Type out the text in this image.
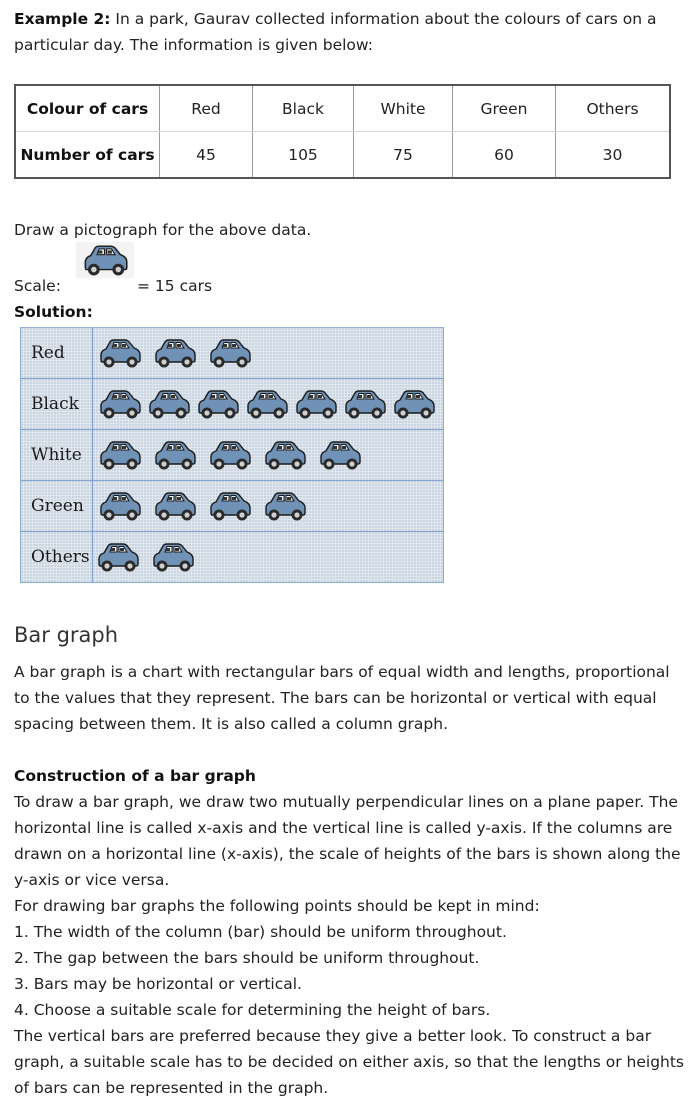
Example 2: In a park, Gaurav collected information about the colours of cars on a particular day. The information is given below:

Colour of cars	Red	Black	White	Green	Others
Number of cars	45	105	75	60	30

Draw a pictograph for the above data.

Scale:	= 15 cars
Solution:
Red
Black
White
Green
Others
Bar graph

A bar graph is a chart with rectangular bars of equal width and lengths, proportional to the values that they represent. The bars can be horizontal or vertical with equal spacing between them. It is also called a column graph.

Construction of a bar graph
To draw a bar graph, we draw two mutually perpendicular lines on a plane paper. The horizontal line is called x-axis and the vertical line is called y-axis. If the columns are drawn on a horizontal line (x-axis), the scale of heights of the bars is shown along the y-axis or vice versa.
For drawing bar graphs the following points should be kept in mind:
1. The width of the column (bar) should be uniform throughout.
2. The gap between the bars should be uniform throughout.
3. Bars may be horizontal or vertical.
4. Choose a suitable scale for determining the height of bars.
The vertical bars are preferred because they give a better look. To construct a bar graph, a suitable scale has to be decided on either axis, so that the lengths or heights of bars can be represented in the graph.
